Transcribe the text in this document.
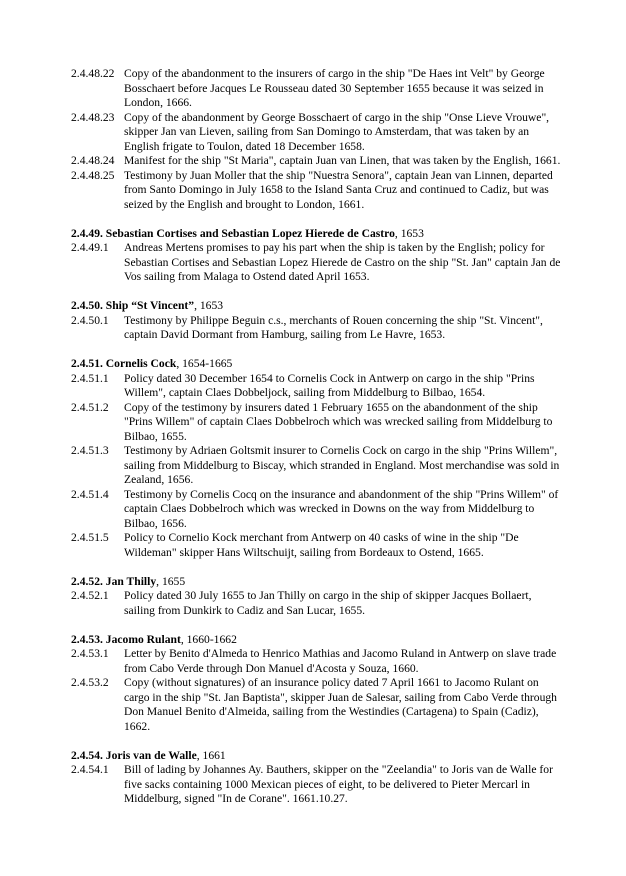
2.4.48.22 Copy of the abandonment to the insurers of cargo in the ship "De Haes int Velt" by George Bosschaert before Jacques Le Rousseau dated 30 September 1655 because it was seized in London, 1666.
2.4.48.23 Copy of the abandonment by George Bosschaert of cargo in the ship "Onse Lieve Vrouwe", skipper Jan van Lieven, sailing from San Domingo to Amsterdam, that was taken by an English frigate to Toulon, dated 18 December 1658.
2.4.48.24 Manifest for the ship "St Maria", captain Juan van Linen, that was taken by the English, 1661.
2.4.48.25 Testimony by Juan Moller that the ship "Nuestra Senora", captain Jean van Linnen, departed from Santo Domingo in July 1658 to the Island Santa Cruz and continued to Cadiz, but was seized by the English and brought to London, 1661.
2.4.49. Sebastian Cortises and Sebastian Lopez Hierede de Castro, 1653
2.4.49.1	Andreas Mertens promises to pay his part when the ship is taken by the English; policy for Sebastian Cortises and Sebastian Lopez Hierede de Castro on the ship "St. Jan" captain Jan de Vos sailing from Malaga to Ostend dated April 1653.
2.4.50. Ship “St Vincent”, 1653
2.4.50.1	Testimony by Philippe Beguin c.s., merchants of Rouen concerning the ship "St. Vincent", captain David Dormant from Hamburg, sailing from Le Havre, 1653.
2.4.51. Cornelis Cock, 1654-1665
2.4.51.1	Policy dated 30 December 1654 to Cornelis Cock in Antwerp on cargo in the ship "Prins Willem", captain Claes Dobbeljock, sailing from Middelburg to Bilbao, 1654.
2.4.51.2	Copy of the testimony by insurers dated 1 February 1655 on the abandonment of the ship "Prins Willem" of captain Claes Dobbelroch which was wrecked sailing from Middelburg to Bilbao, 1655.
2.4.51.3	Testimony by Adriaen Goltsmit insurer to Cornelis Cock on cargo in the ship "Prins Willem", sailing from Middelburg to Biscay, which stranded in England. Most merchandise was sold in Zealand, 1656.
2.4.51.4	Testimony by Cornelis Cocq on the insurance and abandonment of the ship "Prins Willem" of captain Claes Dobbelroch which was wrecked in Downs on the way from Middelburg to Bilbao, 1656.
2.4.51.5	Policy to Cornelio Kock merchant from Antwerp on 40 casks of wine in the ship "De Wildeman" skipper Hans Wiltschuijt, sailing from Bordeaux to Ostend, 1665.
2.4.52. Jan Thilly, 1655
2.4.52.1	Policy dated 30 July 1655 to Jan Thilly on cargo in the ship of skipper Jacques Bollaert, sailing from Dunkirk to Cadiz and San Lucar, 1655.
2.4.53. Jacomo Rulant, 1660-1662
2.4.53.1	Letter by Benito d'Almeda to Henrico Mathias and Jacomo Ruland in Antwerp on slave trade from Cabo Verde through Don Manuel d'Acosta y Souza, 1660.
2.4.53.2	Copy (without signatures) of an insurance policy dated 7 April 1661 to Jacomo Rulant on cargo in the ship "St. Jan Baptista", skipper Juan de Salesar, sailing from Cabo Verde through Don Manuel Benito d'Almeida, sailing from the Westindies (Cartagena) to Spain (Cadiz), 1662.
2.4.54. Joris van de Walle, 1661
2.4.54.1	Bill of lading by Johannes Ay. Bauthers, skipper on the "Zeelandia" to Joris van de Walle for five sacks containing 1000 Mexican pieces of eight, to be delivered to Pieter Mercarl in Middelburg, signed "In de Corane". 1661.10.27.
